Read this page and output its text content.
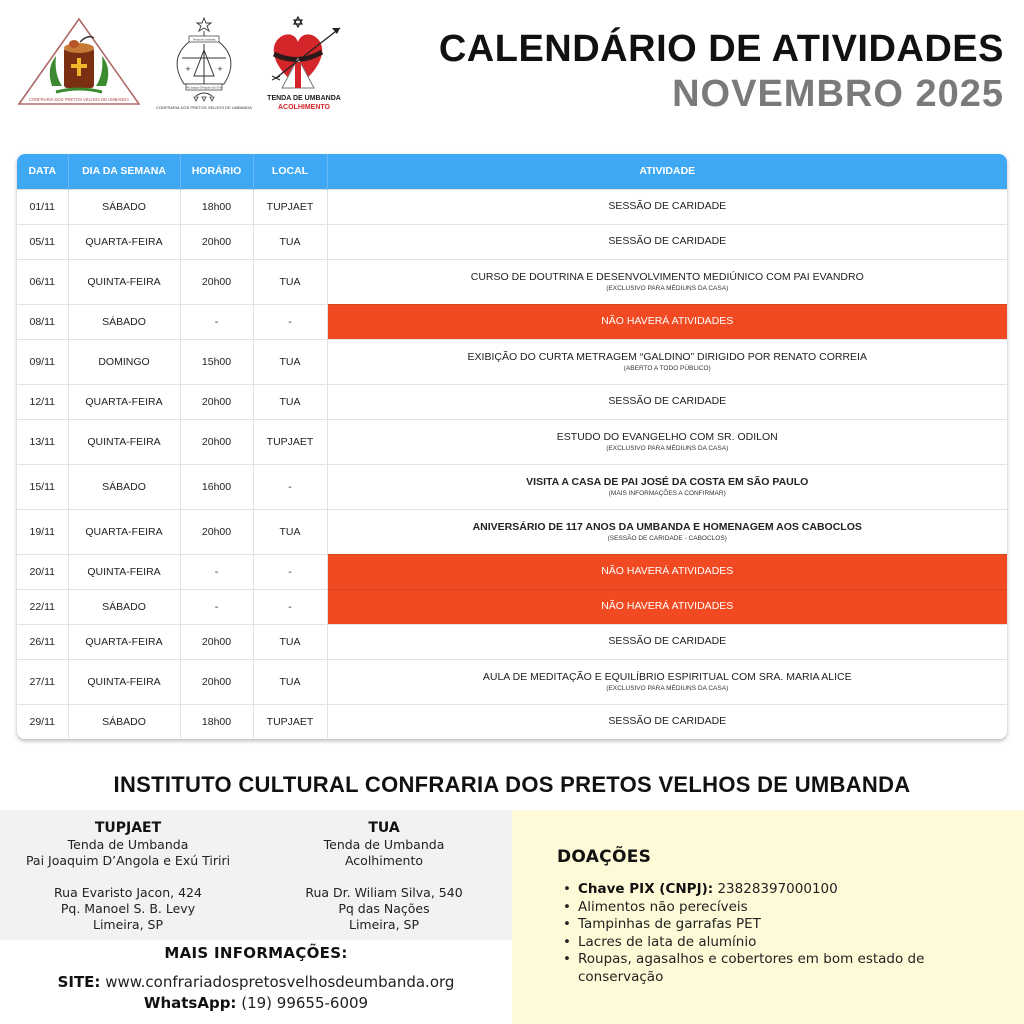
CONFRARIA DOS PRETOS VELHOS DE UMBANDA
Tenda de Umbanda
+	+
Pai Joaquim D'Angola e Exú Tiriri
CONFRARIA DOS PRETOS VELHOS DE UMBANDA
TENDA DE UMBANDA
ACOLHIMENTO
CALENDÁRIO DE ATIVIDADES
NOVEMBRO 2025
DATA	DIA DA SEMANA	HORÁRIO	LOCAL	ATIVIDADE
01/11	SÁBADO	18h00	TUPJAET	SESSÃO DE CARIDADE

05/11	QUARTA-FEIRA	20h00	TUA	SESSÃO DE CARIDADE

06/11	QUINTA-FEIRA	20h00	TUA	CURSO DE DOUTRINA E DESENVOLVIMENTO MEDIÚNICO COM PAI EVANDRO
(EXCLUSIVO PARA MÉDIUNS DA CASA)

08/11	SÁBADO	-	-	NÃO HAVERÁ ATIVIDADES

09/11	DOMINGO	15h00	TUA	EXIBIÇÃO DO CURTA METRAGEM “GALDINO” DIRIGIDO POR RENATO CORREIA
(ABERTO A TODO PÚBLICO)

12/11	QUARTA-FEIRA	20h00	TUA	SESSÃO DE CARIDADE

13/11	QUINTA-FEIRA	20h00	TUPJAET	ESTUDO DO EVANGELHO COM SR. ODILON
(EXCLUSIVO PARA MÉDIUNS DA CASA)

15/11	SÁBADO	16h00	-	VISITA A CASA DE PAI JOSÉ DA COSTA EM SÃO PAULO
(MAIS INFORMAÇÕES A CONFIRMAR)

19/11	QUARTA-FEIRA	20h00	TUA	ANIVERSÁRIO DE 117 ANOS DA UMBANDA E HOMENAGEM AOS CABOCLOS
(SESSÃO DE CARIDADE - CABOCLOS)

20/11	QUINTA-FEIRA	-	-	NÃO HAVERÁ ATIVIDADES

22/11	SÁBADO	-	-	NÃO HAVERÁ ATIVIDADES

26/11	QUARTA-FEIRA	20h00	TUA	SESSÃO DE CARIDADE

27/11	QUINTA-FEIRA	20h00	TUA	AULA DE MEDITAÇÃO E EQUILÍBRIO ESPIRITUAL COM SRA. MARIA ALICE
(EXCLUSIVO PARA MÉDIUNS DA CASA)

29/11	SÁBADO	18h00	TUPJAET	SESSÃO DE CARIDADE
INSTITUTO CULTURAL CONFRARIA DOS PRETOS VELHOS DE UMBANDA
TUPJAET
Tenda de Umbanda
Pai Joaquim D’Angola e Exú Tiriri
Rua Evaristo Jacon, 424
Pq. Manoel S. B. Levy
Limeira, SP
TUA
Tenda de Umbanda
Acolhimento
Rua Dr. Wiliam Silva, 540
Pq das Nações
Limeira, SP
MAIS INFORMAÇÕES:
SITE: www.confrariadospretosvelhosdeumbanda.org
WhatsApp: (19) 99655-6009
DOAÇÕES
• Chave PIX (CNPJ): 23828397000100
• Alimentos não perecíveis
• Tampinhas de garrafas PET
• Lacres de lata de alumínio
• Roupas, agasalhos e cobertores em bom estado de conservação
